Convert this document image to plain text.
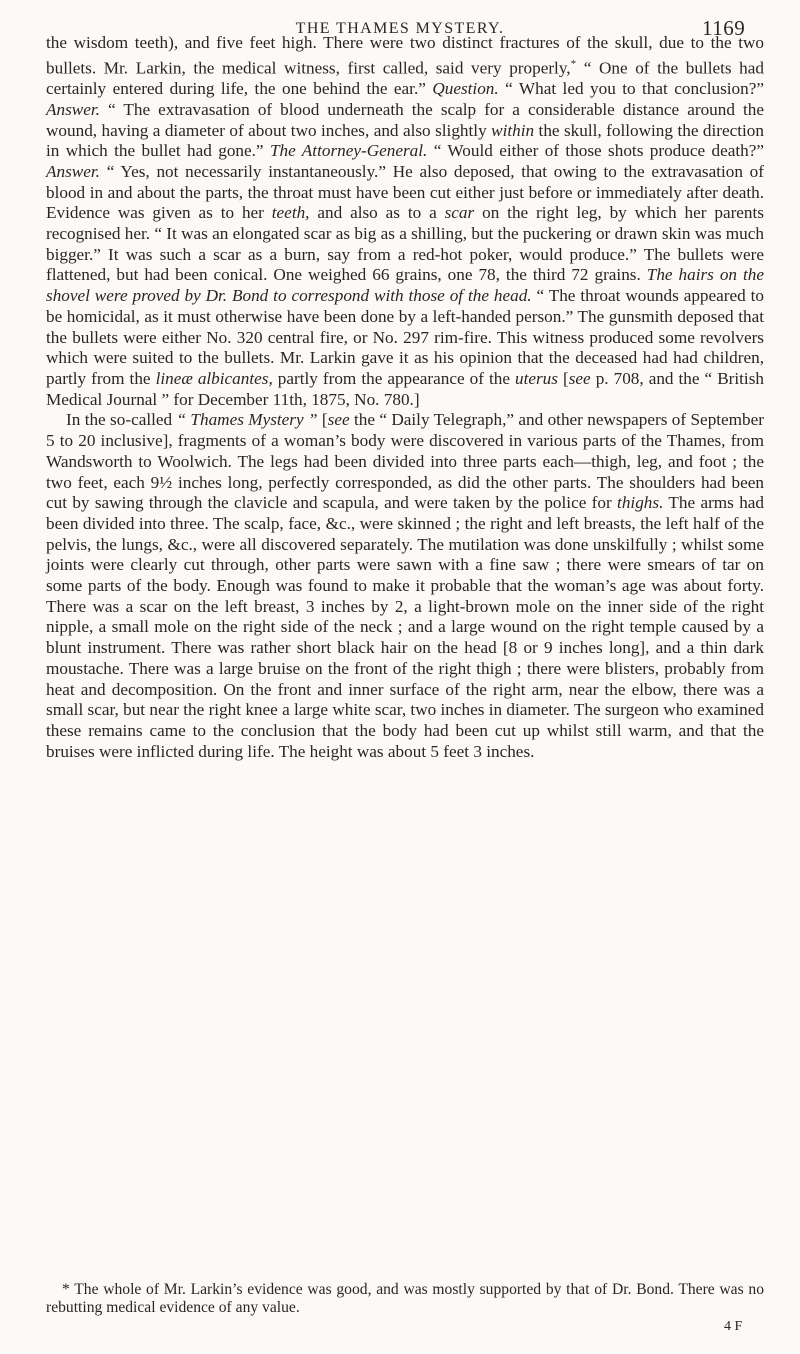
THE THAMES MYSTERY.	1169

the wisdom teeth), and five feet high. There were two distinct fractures of the skull, due to the two bullets. Mr. Larkin, the medical witness, first called, said very properly,* “ One of the bullets had certainly entered during life, the one behind the ear.” Question. “ What led you to that conclusion?” Answer. “ The extravasation of blood underneath the scalp for a considerable distance around the wound, having a diameter of about two inches, and also slightly within the skull, following the direction in which the bullet had gone.” The Attorney-General. “ Would either of those shots produce death?” Answer. “ Yes, not necessarily instantaneously.” He also deposed, that owing to the extravasation of blood in and about the parts, the throat must have been cut either just before or immediately after death. Evidence was given as to her teeth, and also as to a scar on the right leg, by which her parents recognised her. “ It was an elongated scar as big as a shilling, but the puckering or drawn skin was much bigger.” It was such a scar as a burn, say from a red-hot poker, would produce.” The bullets were flattened, but had been conical. One weighed 66 grains, one 78, the third 72 grains. The hairs on the shovel were proved by Dr. Bond to correspond with those of the head. “ The throat wounds appeared to be homicidal, as it must otherwise have been done by a left-handed person.” The gunsmith deposed that the bullets were either No. 320 central fire, or No. 297 rim-fire. This witness produced some revolvers which were suited to the bullets. Mr. Larkin gave it as his opinion that the deceased had had children, partly from the lineæ albicantes, partly from the appearance of the uterus [see p. 708, and the “ British Medical Journal ” for December 11th, 1875, No. 780.]

In the so-called “ Thames Mystery ” [see the “ Daily Telegraph,” and other newspapers of September 5 to 20 inclusive], fragments of a woman’s body were discovered in various parts of the Thames, from Wandsworth to Woolwich. The legs had been divided into three parts each—thigh, leg, and foot ; the two feet, each 9½ inches long, perfectly corresponded, as did the other parts. The shoulders had been cut by sawing through the clavicle and scapula, and were taken by the police for thighs. The arms had been divided into three. The scalp, face, &c., were skinned ; the right and left breasts, the left half of the pelvis, the lungs, &c., were all discovered separately. The mutilation was done unskilfully ; whilst some joints were clearly cut through, other parts were sawn with a fine saw ; there were smears of tar on some parts of the body. Enough was found to make it probable that the woman’s age was about forty. There was a scar on the left breast, 3 inches by 2, a light-brown mole on the inner side of the right nipple, a small mole on the right side of the neck ; and a large wound on the right temple caused by a blunt instrument. There was rather short black hair on the head [8 or 9 inches long], and a thin dark moustache. There was a large bruise on the front of the right thigh ; there were blisters, probably from heat and decomposition. On the front and inner surface of the right arm, near the elbow, there was a small scar, but near the right knee a large white scar, two inches in diameter. The surgeon who examined these remains came to the conclusion that the body had been cut up whilst still warm, and that the bruises were inflicted during life. The height was about 5 feet 3 inches.

* The whole of Mr. Larkin’s evidence was good, and was mostly supported by that of Dr. Bond. There was no rebutting medical evidence of any value.

4 F
